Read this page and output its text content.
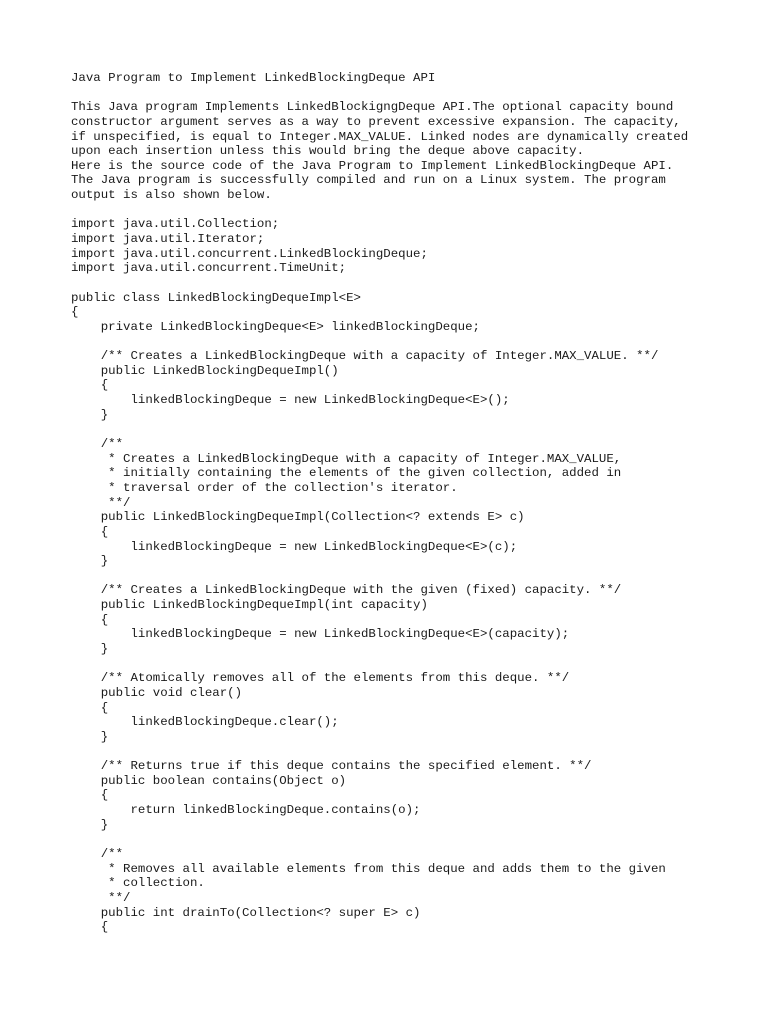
Java Program to Implement LinkedBlockingDeque API

This Java program Implements LinkedBlockigngDeque API.The optional capacity bound
constructor argument serves as a way to prevent excessive expansion. The capacity,
if unspecified, is equal to Integer.MAX_VALUE. Linked nodes are dynamically created
upon each insertion unless this would bring the deque above capacity.
Here is the source code of the Java Program to Implement LinkedBlockingDeque API.
The Java program is successfully compiled and run on a Linux system. The program
output is also shown below.

import java.util.Collection;
import java.util.Iterator;
import java.util.concurrent.LinkedBlockingDeque;
import java.util.concurrent.TimeUnit;

public class LinkedBlockingDequeImpl<E>
{
private LinkedBlockingDeque<E> linkedBlockingDeque;

/** Creates a LinkedBlockingDeque with a capacity of Integer.MAX_VALUE. **/
public LinkedBlockingDequeImpl()
{
linkedBlockingDeque = new LinkedBlockingDeque<E>();
}

/**
* Creates a LinkedBlockingDeque with a capacity of Integer.MAX_VALUE,
* initially containing the elements of the given collection, added in
* traversal order of the collection's iterator.
**/
public LinkedBlockingDequeImpl(Collection<? extends E> c)
{
linkedBlockingDeque = new LinkedBlockingDeque<E>(c);
}

/** Creates a LinkedBlockingDeque with the given (fixed) capacity. **/
public LinkedBlockingDequeImpl(int capacity)
{
linkedBlockingDeque = new LinkedBlockingDeque<E>(capacity);
}

/** Atomically removes all of the elements from this deque. **/
public void clear()
{
linkedBlockingDeque.clear();
}

/** Returns true if this deque contains the specified element. **/
public boolean contains(Object o)
{
return linkedBlockingDeque.contains(o);
}

/**
* Removes all available elements from this deque and adds them to the given
* collection.
**/
public int drainTo(Collection<? super E> c)
{
